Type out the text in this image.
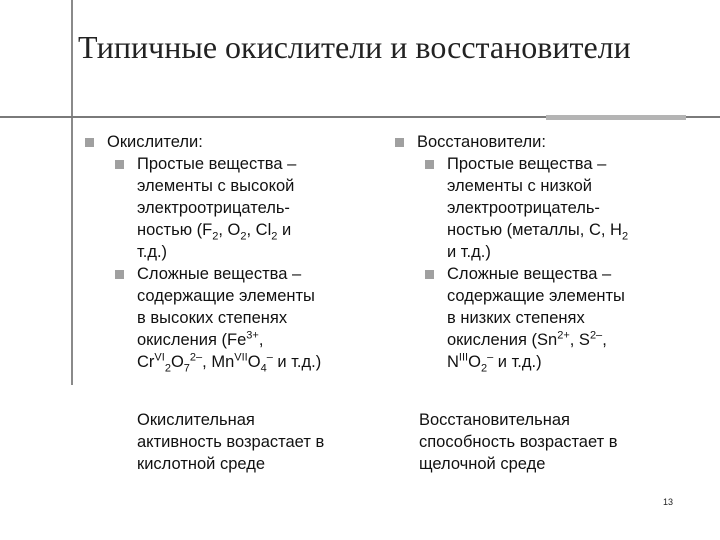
Типичные окислители и восстановители
Окислители:
Простые вещества –
элементы с высокой
электроотрицатель-
ностью ($F_2$, $O_2$, $Cl_2$ и
т.д.)
Сложные вещества –
содержащие элементы
в высоких степенях
окисления ($Fe^{3+}$,
$Cr^{VI}_2O_7^{2-}$, $Mn^{VII}O_4^-$ и т.д.)
Восстановители:
Простые вещества –
элементы с низкой
электроотрицатель-
ностью (металлы, C, $H_2$
и т.д.)
Сложные вещества –
содержащие элементы
в низких степенях
окисления ($Sn^{2+}$, $S^{2-}$,
$N^{III}O_2^-$ и т.д.)
Окислительная
активность возрастает в
кислотной среде
Восстановительная
способность возрастает в
щелочной среде
13
